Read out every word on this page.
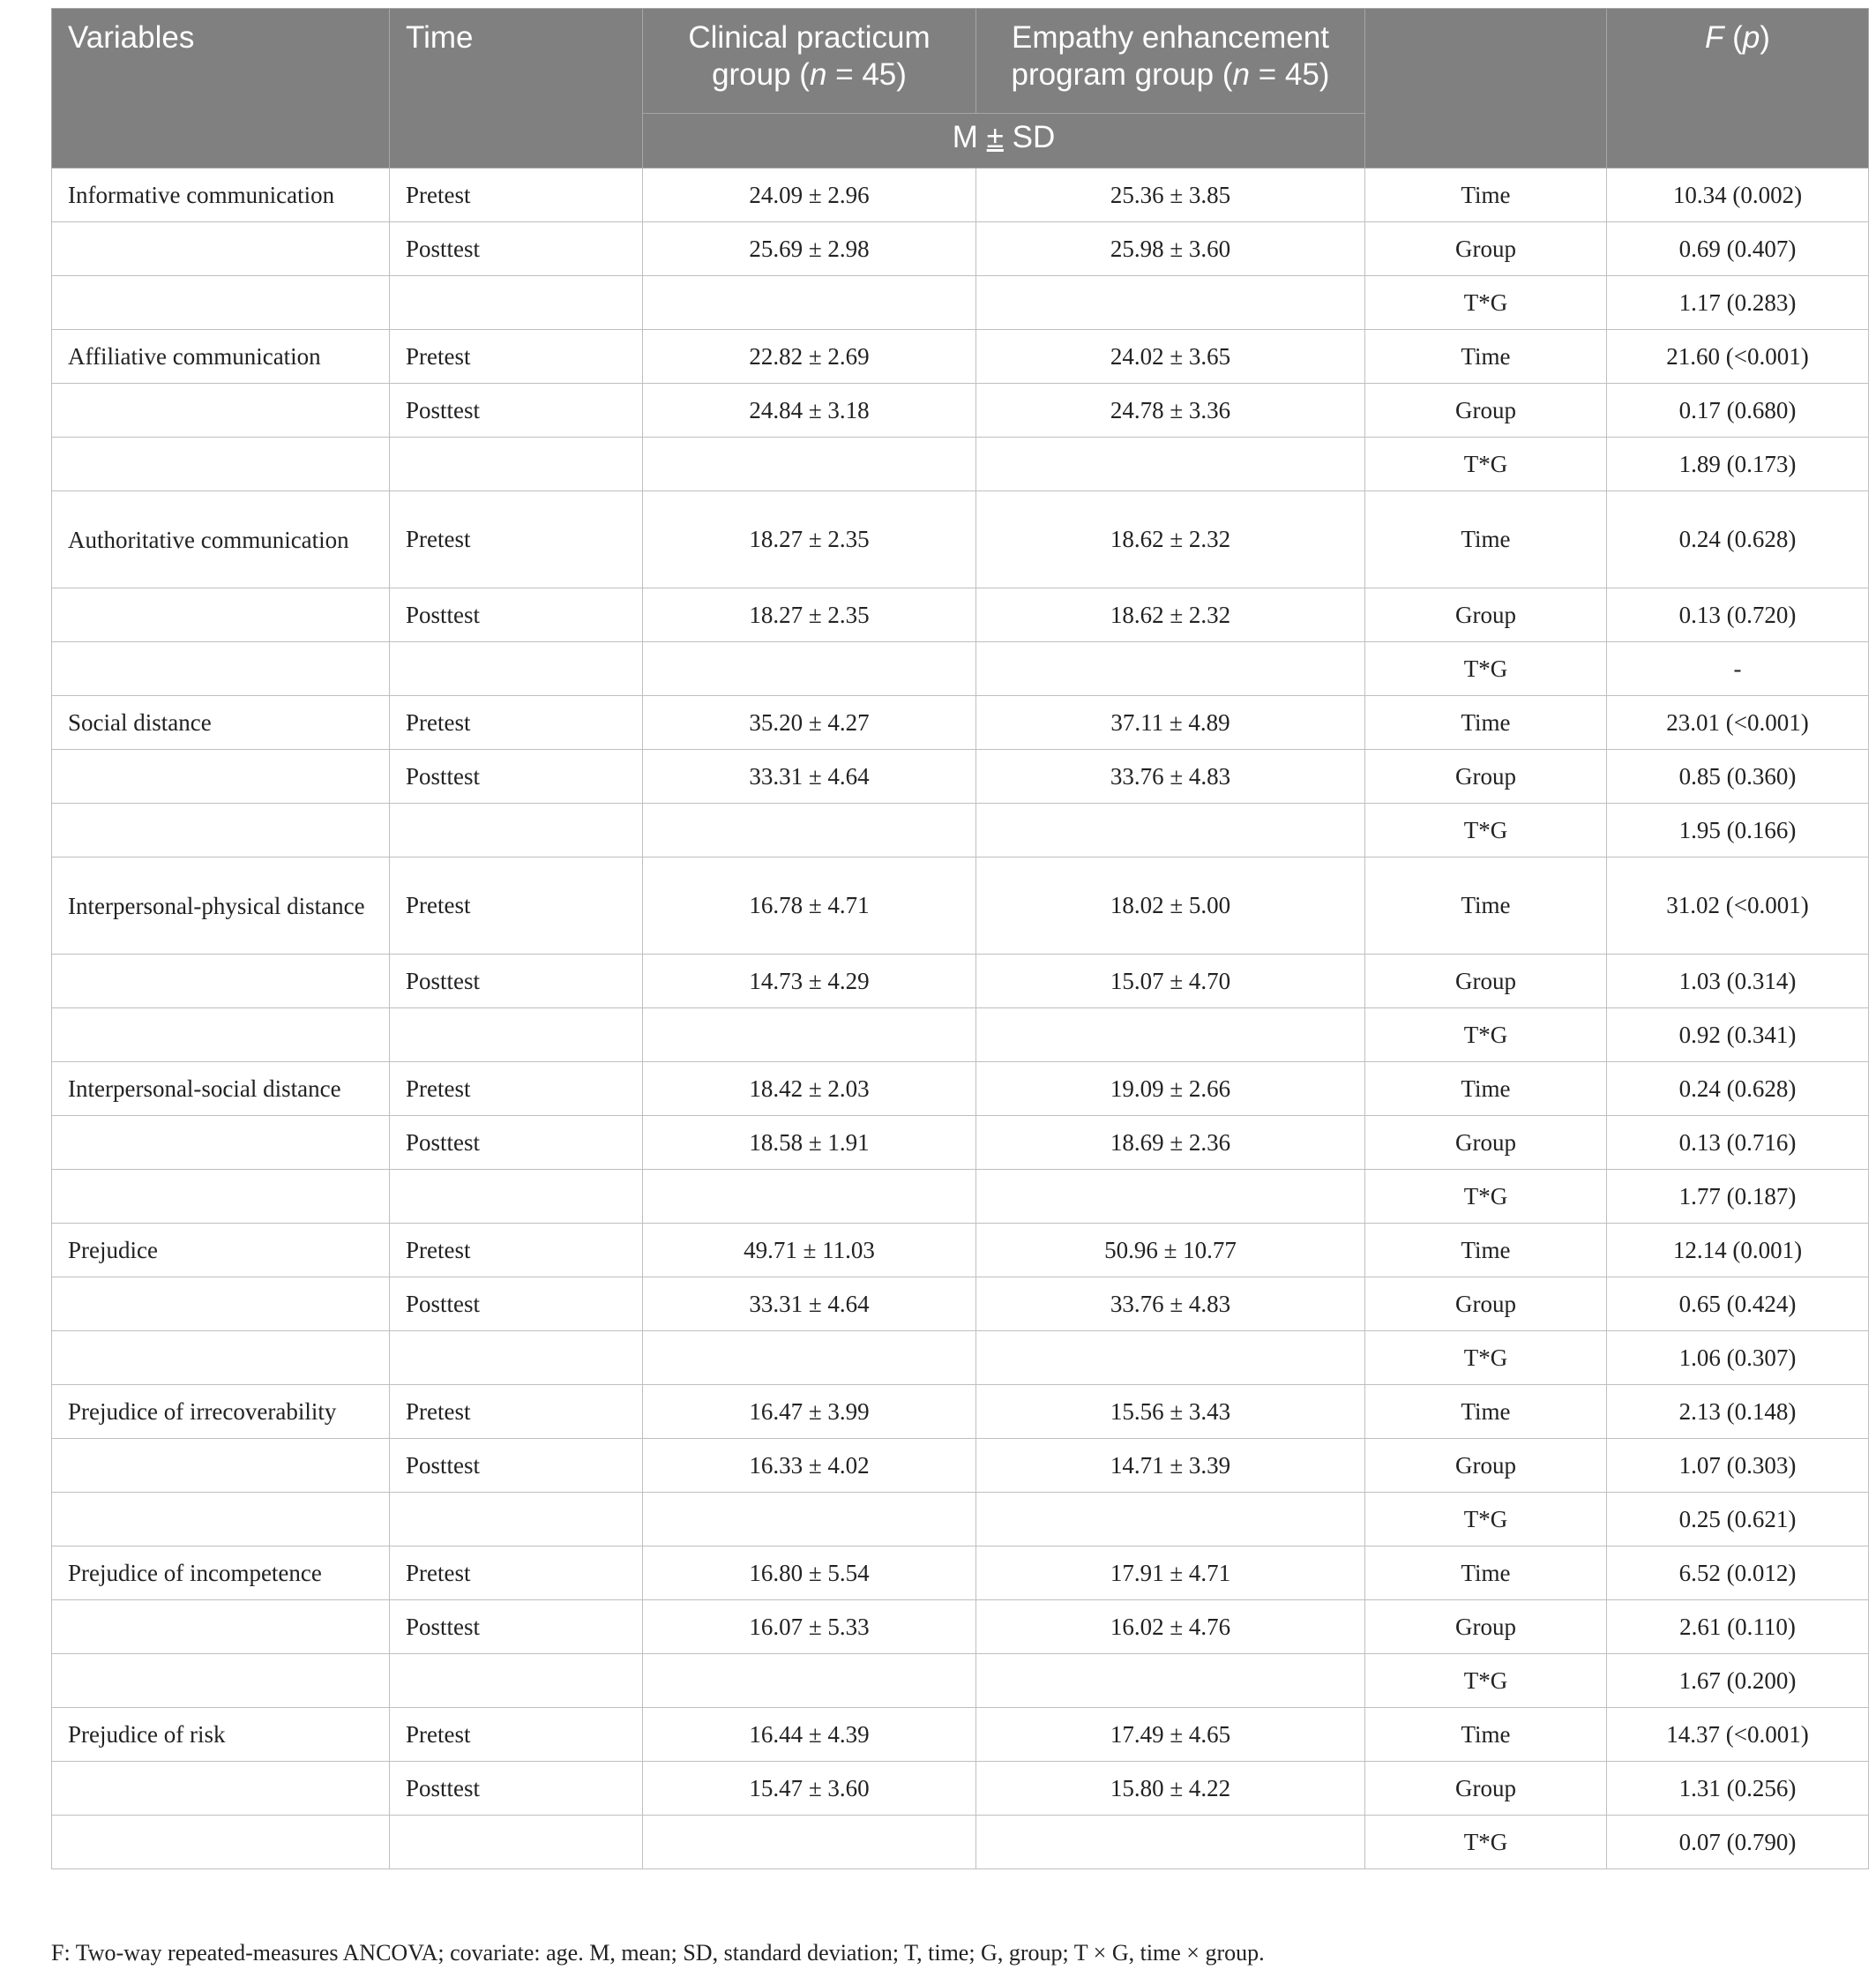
Variables	Time	Clinical practicum group (n = 45)	Empathy enhancement program group (n = 45)		F (p)
		M ± SD			
Informative communication	Pretest	24.09 ± 2.96	25.36 ± 3.85	Time	10.34 (0.002)
	Posttest	25.69 ± 2.98	25.98 ± 3.60	Group	0.69 (0.407)
				T*G	1.17 (0.283)
Affiliative communication	Pretest	22.82 ± 2.69	24.02 ± 3.65	Time	21.60 (<0.001)
	Posttest	24.84 ± 3.18	24.78 ± 3.36	Group	0.17 (0.680)
				T*G	1.89 (0.173)
Authoritative communication	Pretest	18.27 ± 2.35	18.62 ± 2.32	Time	0.24 (0.628)
	Posttest	18.27 ± 2.35	18.62 ± 2.32	Group	0.13 (0.720)
				T*G	-
Social distance	Pretest	35.20 ± 4.27	37.11 ± 4.89	Time	23.01 (<0.001)
	Posttest	33.31 ± 4.64	33.76 ± 4.83	Group	0.85 (0.360)
				T*G	1.95 (0.166)
Interpersonal-physical distance	Pretest	16.78 ± 4.71	18.02 ± 5.00	Time	31.02 (<0.001)
	Posttest	14.73 ± 4.29	15.07 ± 4.70	Group	1.03 (0.314)
				T*G	0.92 (0.341)
Interpersonal-social distance	Pretest	18.42 ± 2.03	19.09 ± 2.66	Time	0.24 (0.628)
	Posttest	18.58 ± 1.91	18.69 ± 2.36	Group	0.13 (0.716)
				T*G	1.77 (0.187)
Prejudice	Pretest	49.71 ± 11.03	50.96 ± 10.77	Time	12.14 (0.001)
	Posttest	33.31 ± 4.64	33.76 ± 4.83	Group	0.65 (0.424)
				T*G	1.06 (0.307)
Prejudice of irrecoverability	Pretest	16.47 ± 3.99	15.56 ± 3.43	Time	2.13 (0.148)
	Posttest	16.33 ± 4.02	14.71 ± 3.39	Group	1.07 (0.303)
				T*G	0.25 (0.621)
Prejudice of incompetence	Pretest	16.80 ± 5.54	17.91 ± 4.71	Time	6.52 (0.012)
	Posttest	16.07 ± 5.33	16.02 ± 4.76	Group	2.61 (0.110)
				T*G	1.67 (0.200)
Prejudice of risk	Pretest	16.44 ± 4.39	17.49 ± 4.65	Time	14.37 (<0.001)
	Posttest	15.47 ± 3.60	15.80 ± 4.22	Group	1.31 (0.256)
				T*G	0.07 (0.790)
F: Two-way repeated-measures ANCOVA; covariate: age. M, mean; SD, standard deviation; T, time; G, group; T × G, time × group.
